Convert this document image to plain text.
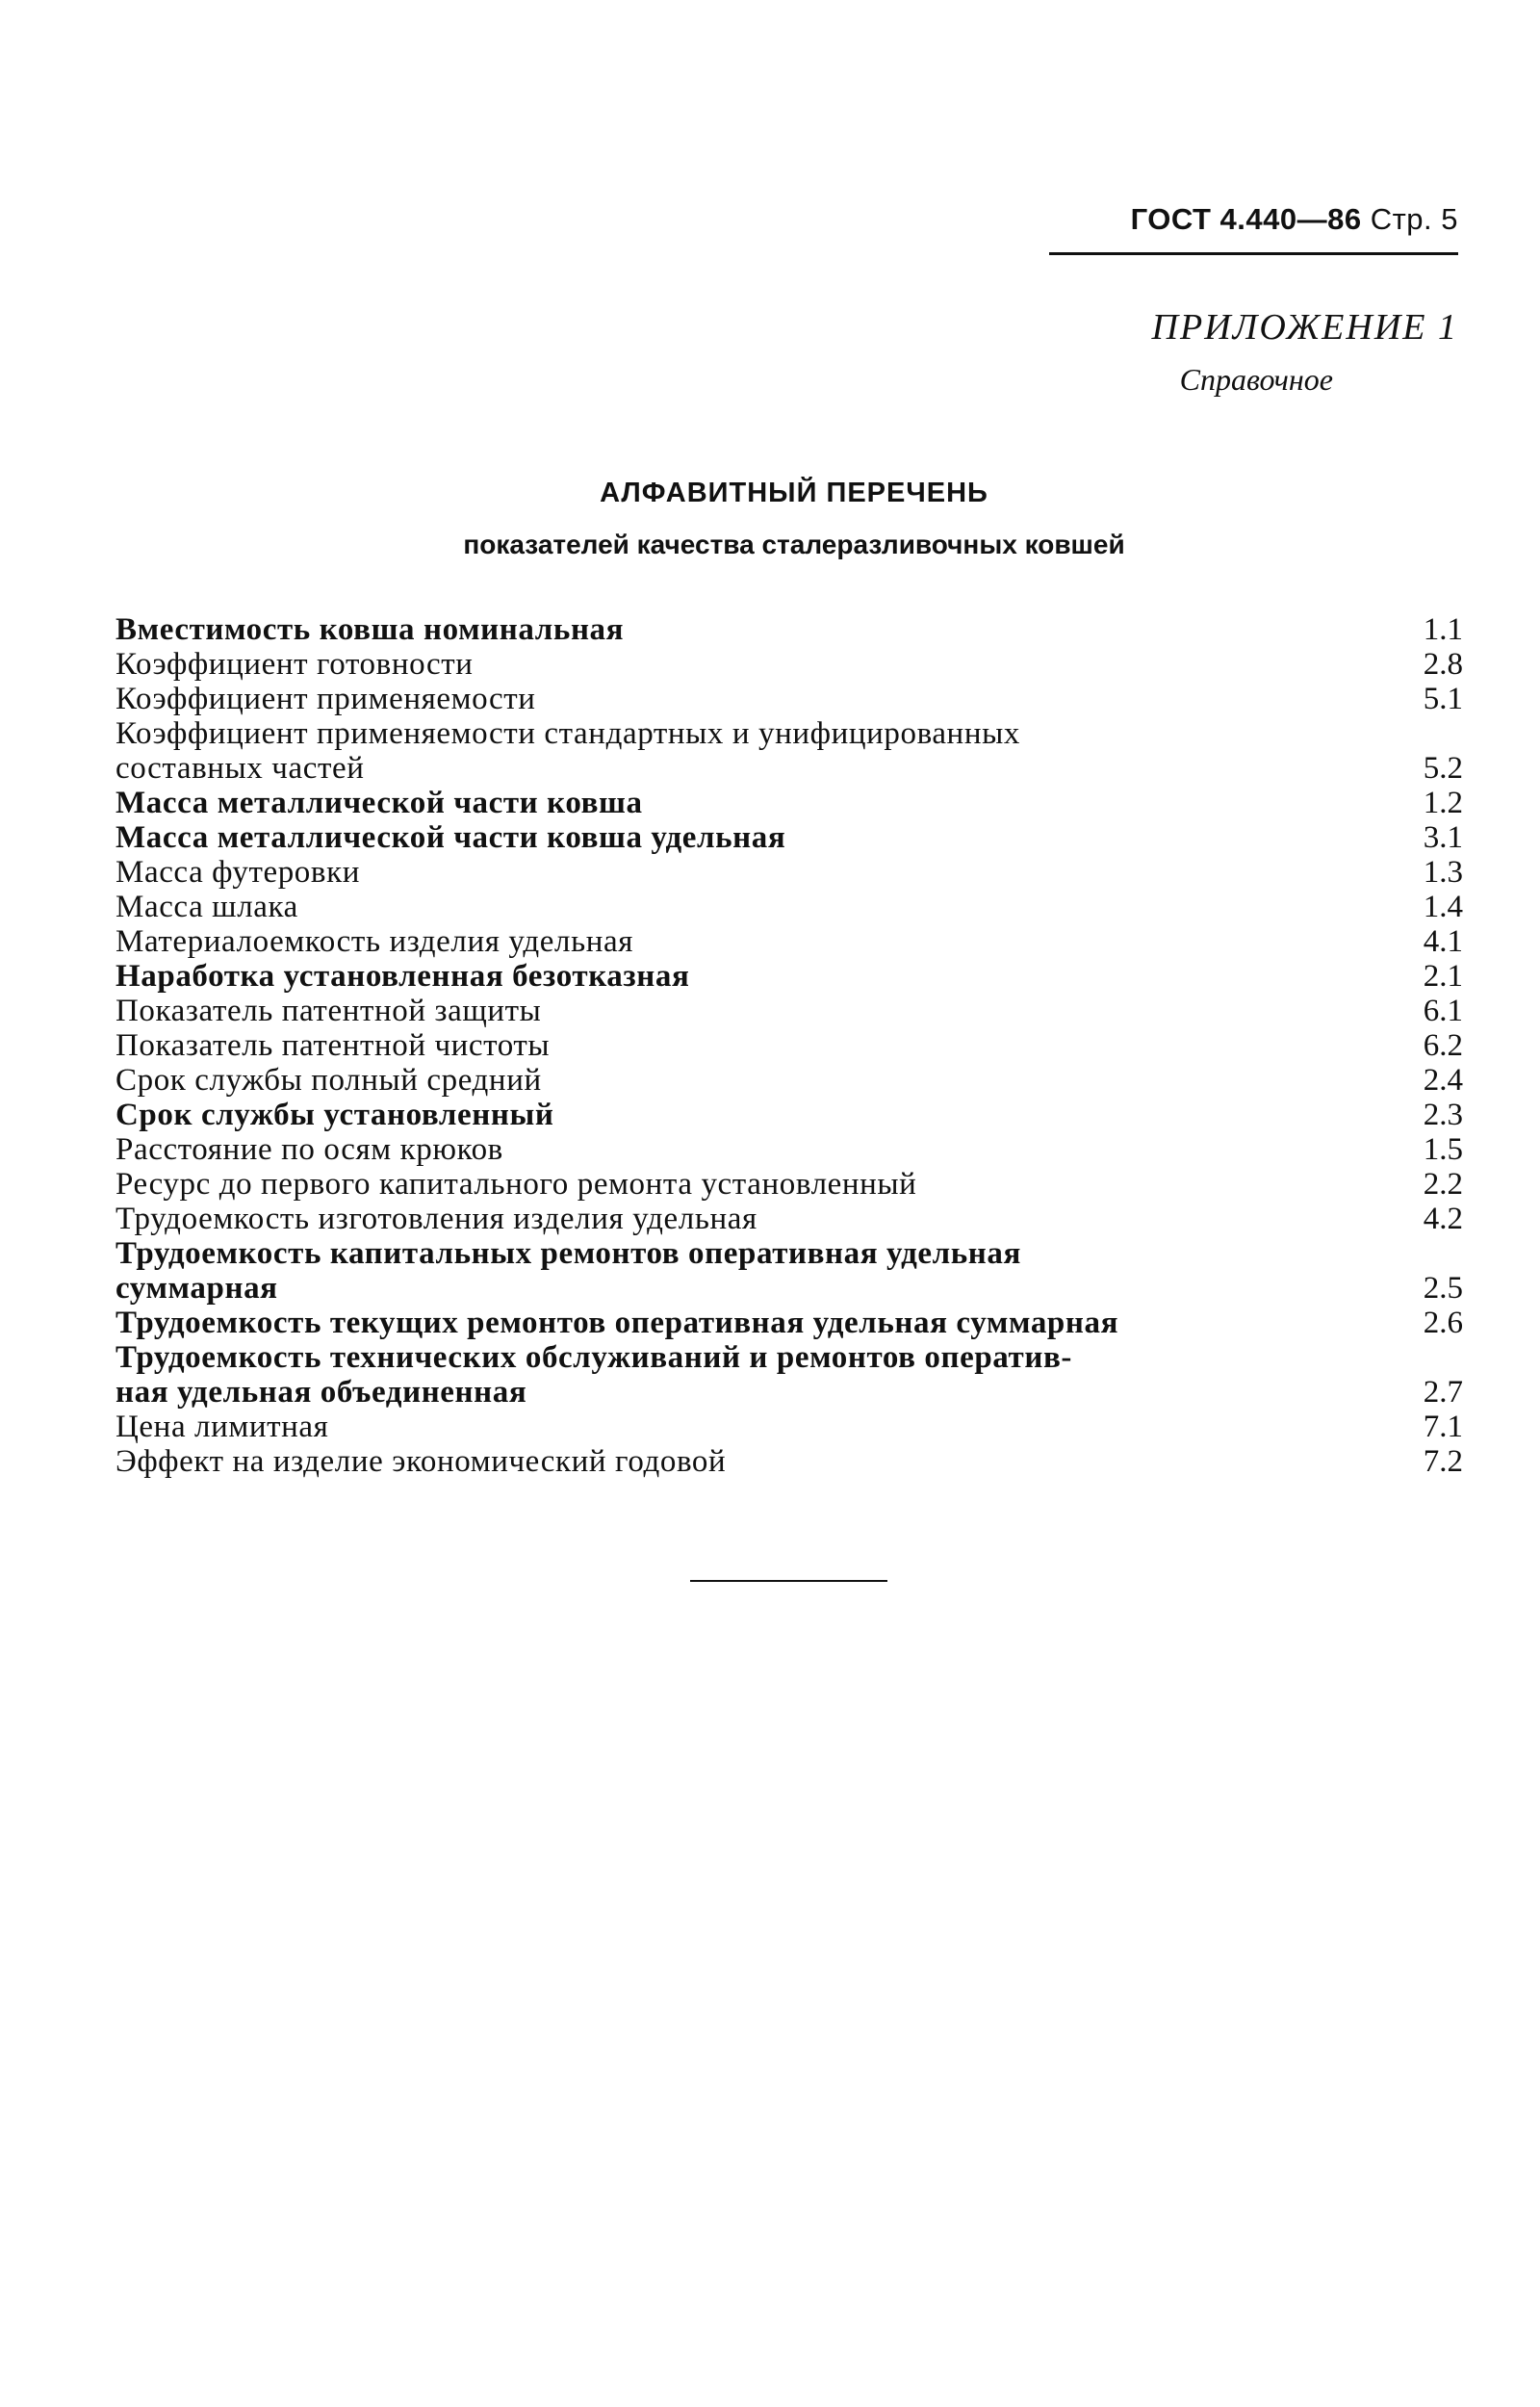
ГОСТ 4.440—86 Стр. 5
ПРИЛОЖЕНИЕ 1
Справочное
АЛФАВИТНЫЙ ПЕРЕЧЕНЬ
показателей качества сталеразливочных ковшей
Вместимость ковша номинальная	1.1
Коэффициент готовности	2.8
Коэффициент применяемости	5.1
Коэффициент применяемости стандартных и унифицированных
составных частей	5.2
Масса металлической части ковша	1.2
Масса металлической части ковша удельная	3.1
Масса футеровки	1.3
Масса шлака	1.4
Материалоемкость изделия удельная	4.1
Наработка установленная безотказная	2.1
Показатель патентной защиты	6.1
Показатель патентной чистоты	6.2
Срок службы полный средний	2.4
Срок службы установленный	2.3
Расстояние по осям крюков	1.5
Ресурс до первого капитального ремонта установленный	2.2
Трудоемкость изготовления изделия удельная	4.2
Трудоемкость капитальных ремонтов оперативная удельная
суммарная	2.5
Трудоемкость текущих ремонтов оперативная удельная суммарная	2.6
Трудоемкость технических обслуживаний и ремонтов оператив-
ная удельная объединенная	2.7
Цена лимитная	7.1
Эффект на изделие экономический годовой	7.2
